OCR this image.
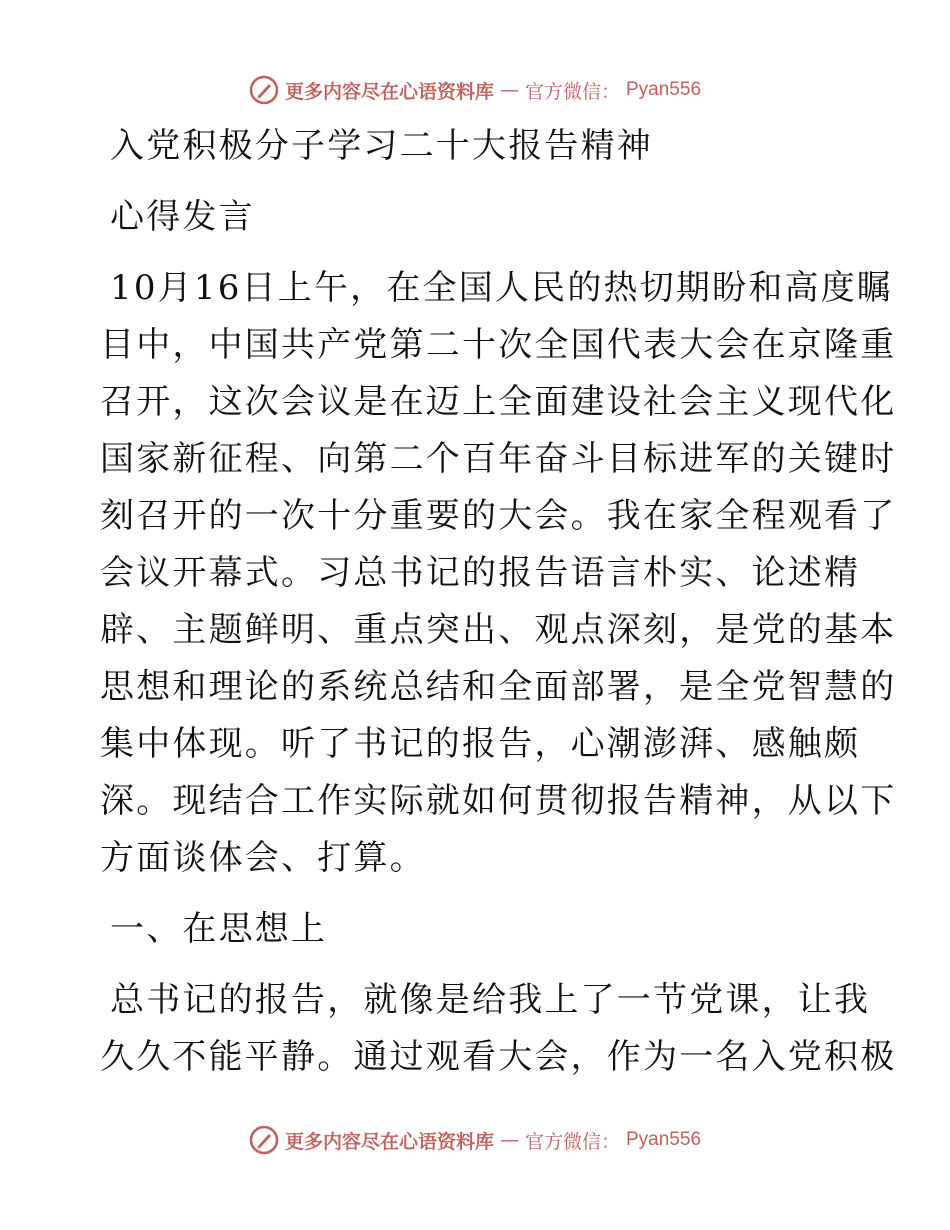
更多内容尽在心语资料库 — 官方微信： Pyan556
入党积极分子学习二十大报告精神
心得发言
10月16日上午，在全国人民的热切期盼和高度瞩
目中，中国共产党第二十次全国代表大会在京隆重
召开，这次会议是在迈上全面建设社会主义现代化
国家新征程、向第二个百年奋斗目标进军的关键时
刻召开的一次十分重要的大会。我在家全程观看了
会议开幕式。习总书记的报告语言朴实、论述精
辟、主题鲜明、重点突出、观点深刻，是党的基本
思想和理论的系统总结和全面部署，是全党智慧的
集中体现。听了书记的报告，心潮澎湃、感触颇
深。现结合工作实际就如何贯彻报告精神，从以下
方面谈体会、打算。
一、在思想上
总书记的报告，就像是给我上了一节党课，让我
久久不能平静。通过观看大会，作为一名入党积极
更多内容尽在心语资料库 — 官方微信： Pyan556
